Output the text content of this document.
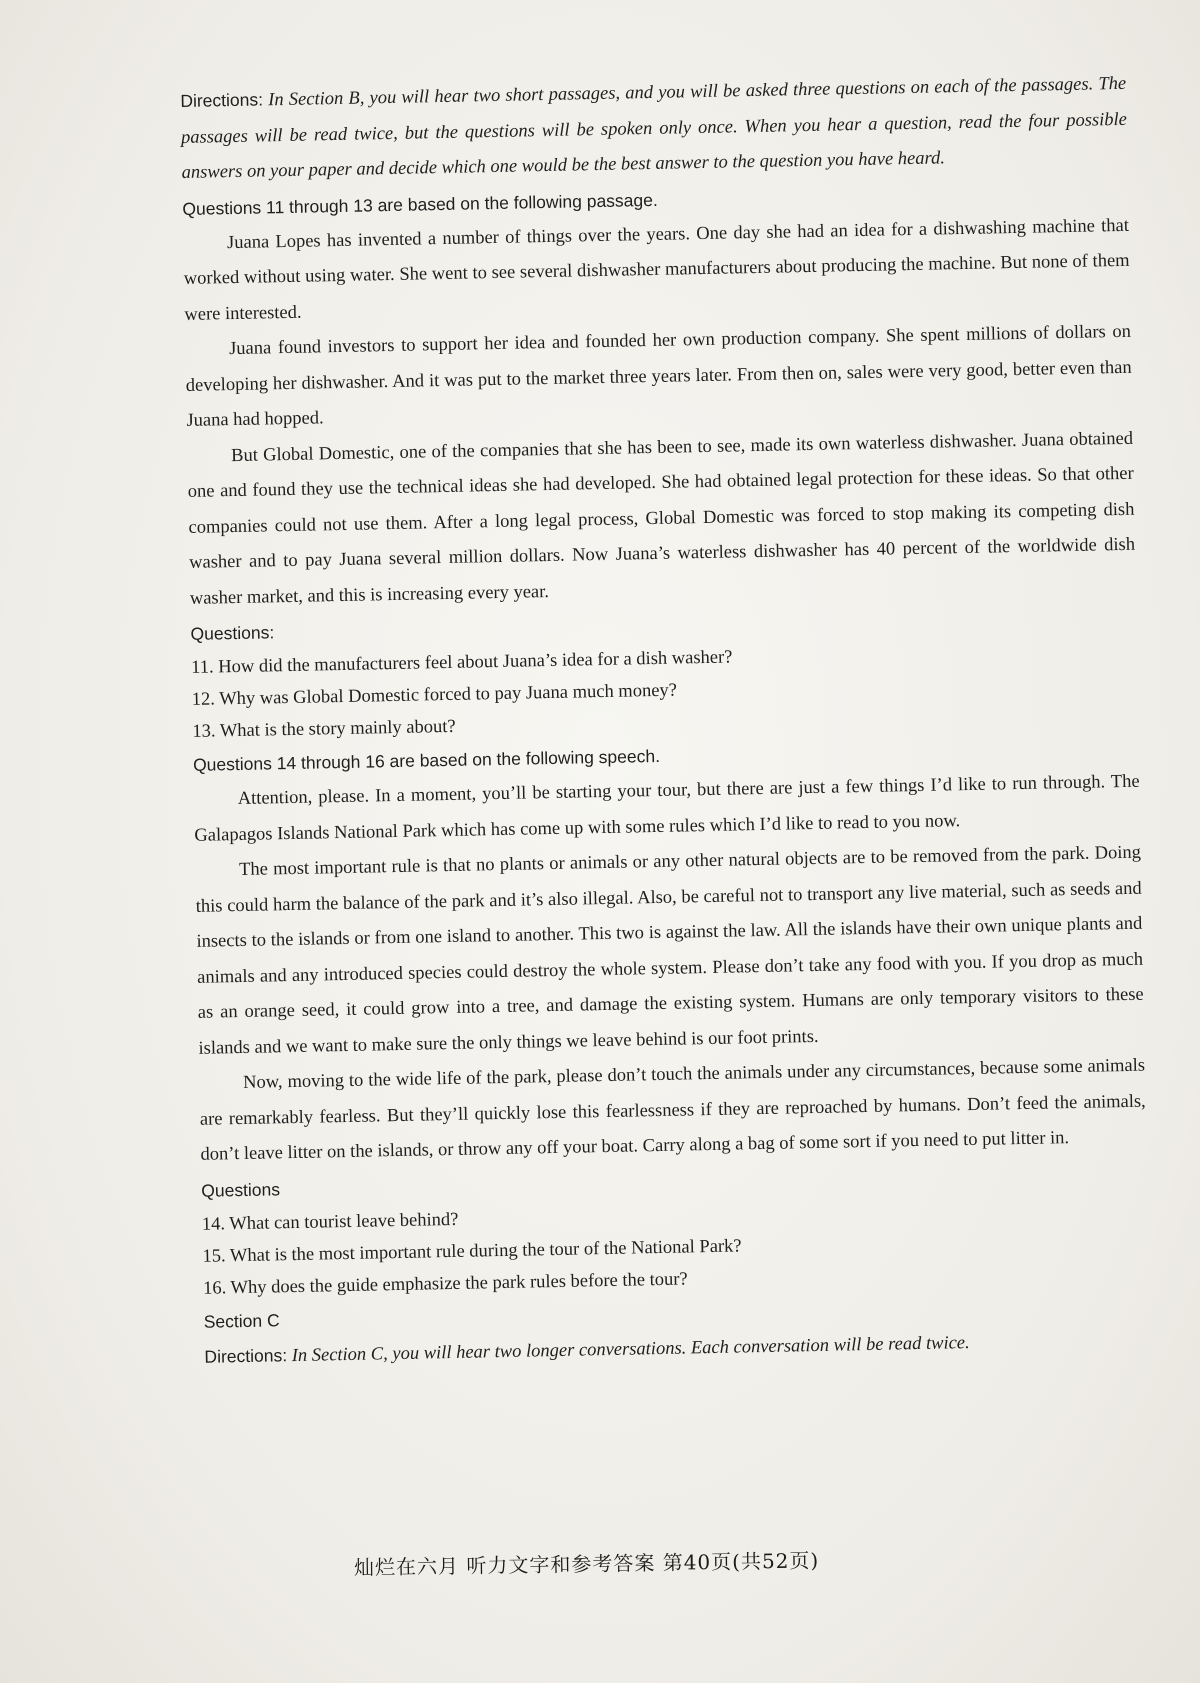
Directions: In Section B, you will hear two short passages, and you will be asked three questions on each of the passages. The passages will be read twice, but the questions will be spoken only once. When you hear a question, read the four possible answers on your paper and decide which one would be the best answer to the question you have heard.

Questions 11 through 13 are based on the following passage.

Juana Lopes has invented a number of things over the years. One day she had an idea for a dishwashing machine that worked without using water. She went to see several dishwasher manufacturers about producing the machine. But none of them were interested.

Juana found investors to support her idea and founded her own production company. She spent millions of dollars on developing her dishwasher. And it was put to the market three years later. From then on, sales were very good, better even than Juana had hopped.

But Global Domestic, one of the companies that she has been to see, made its own waterless dishwasher. Juana obtained one and found they use the technical ideas she had developed. She had obtained legal protection for these ideas. So that other companies could not use them. After a long legal process, Global Domestic was forced to stop making its competing dish washer and to pay Juana several million dollars. Now Juana’s waterless dishwasher has 40 percent of the worldwide dish washer market, and this is increasing every year.

Questions:

11. How did the manufacturers feel about Juana’s idea for a dish washer?

12. Why was Global Domestic forced to pay Juana much money?

13. What is the story mainly about?

Questions 14 through 16 are based on the following speech.

Attention, please. In a moment, you’ll be starting your tour, but there are just a few things I’d like to run through. The Galapagos Islands National Park which has come up with some rules which I’d like to read to you now.

The most important rule is that no plants or animals or any other natural objects are to be removed from the park. Doing this could harm the balance of the park and it’s also illegal. Also, be careful not to transport any live material, such as seeds and insects to the islands or from one island to another. This two is against the law. All the islands have their own unique plants and animals and any introduced species could destroy the whole system. Please don’t take any food with you. If you drop as much as an orange seed, it could grow into a tree, and damage the existing system. Humans are only temporary visitors to these islands and we want to make sure the only things we leave behind is our foot prints.

Now, moving to the wide life of the park, please don’t touch the animals under any circumstances, because some animals are remarkably fearless. But they’ll quickly lose this fearlessness if they are reproached by humans. Don’t feed the animals, don’t leave litter on the islands, or throw any off your boat. Carry along a bag of some sort if you need to put litter in.

Questions

14. What can tourist leave behind?

15. What is the most important rule during the tour of the National Park?

16. Why does the guide emphasize the park rules before the tour?

Section C

Directions: In Section C, you will hear two longer conversations. Each conversation will be read twice.

灿烂在六月 听力文字和参考答案 第40页(共52页)
